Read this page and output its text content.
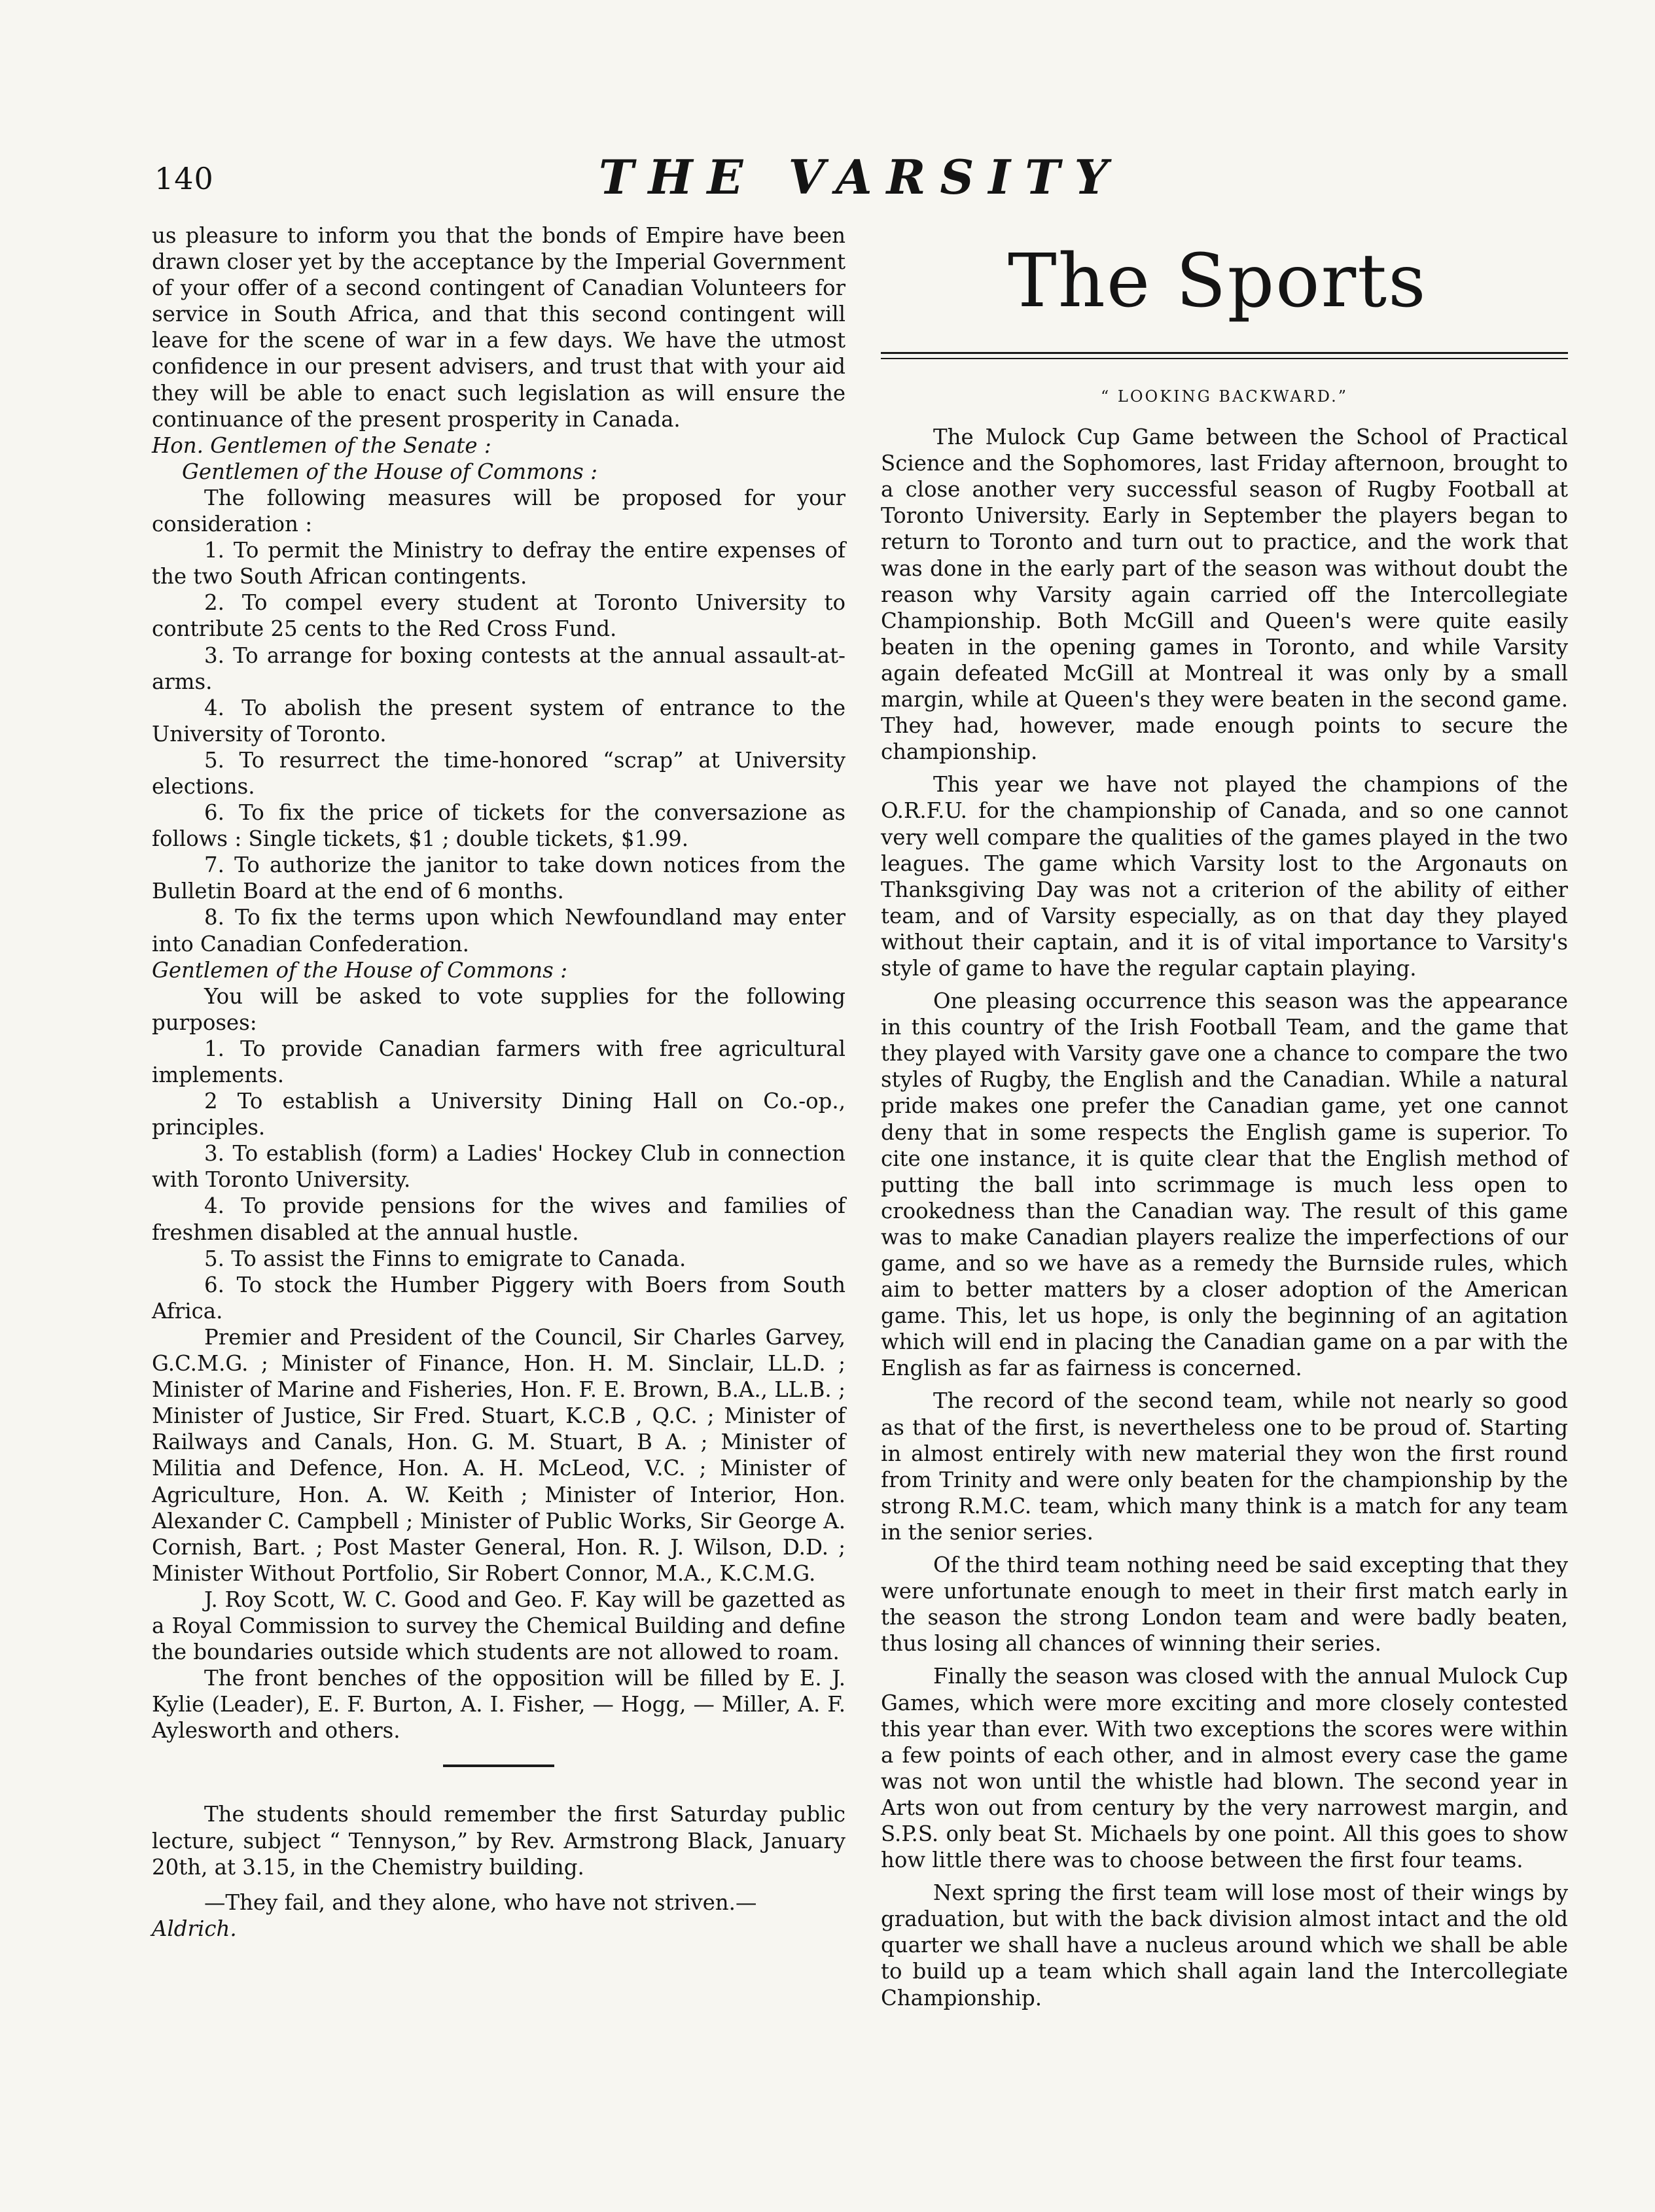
140	THE VARSITY

us pleasure to inform you that the bonds of Empire have been drawn closer yet by the acceptance by the Imperial Government of your offer of a second contingent of Canadian Volunteers for service in South Africa, and that this second contingent will leave for the scene of war in a few days. We have the utmost confidence in our present advisers, and trust that with your aid they will be able to enact such legislation as will ensure the continuance of the present prosperity in Canada.

Hon. Gentlemen of the Senate :

Gentlemen of the House of Commons :

The following measures will be proposed for your consideration :

1. To permit the Ministry to defray the entire expenses of the two South African contingents.

2. To compel every student at Toronto University to contribute 25 cents to the Red Cross Fund.

3. To arrange for boxing contests at the annual assault-at-arms.

4. To abolish the present system of entrance to the University of Toronto.

5. To resurrect the time-honored “scrap” at University elections.

6. To fix the price of tickets for the conversazione as follows : Single tickets, $1 ; double tickets, $1.99.

7. To authorize the janitor to take down notices from the Bulletin Board at the end of 6 months.

8. To fix the terms upon which Newfoundland may enter into Canadian Confederation.

Gentlemen of the House of Commons :

You will be asked to vote supplies for the following purposes:

1. To provide Canadian farmers with free agricultural implements.

2 To establish a University Dining Hall on Co.-op., principles.

3. To establish (form) a Ladies' Hockey Club in connection with Toronto University.

4. To provide pensions for the wives and families of freshmen disabled at the annual hustle.

5. To assist the Finns to emigrate to Canada.

6. To stock the Humber Piggery with Boers from South Africa.

Premier and President of the Council, Sir Charles Garvey, G.C.M.G. ; Minister of Finance, Hon. H. M. Sinclair, LL.D. ; Minister of Marine and Fisheries, Hon. F. E. Brown, B.A., LL.B. ; Minister of Justice, Sir Fred. Stuart, K.C.B , Q.C. ; Minister of Railways and Canals, Hon. G. M. Stuart, B A. ; Minister of Militia and Defence, Hon. A. H. McLeod, V.C. ; Minister of Agriculture, Hon. A. W. Keith ; Minister of Interior, Hon. Alexander C. Campbell ; Minister of Public Works, Sir George A. Cornish, Bart. ; Post Master General, Hon. R. J. Wilson, D.D. ; Minister Without Portfolio, Sir Robert Connor, M.A., K.C.M.G.

J. Roy Scott, W. C. Good and Geo. F. Kay will be gazetted as a Royal Commission to survey the Chemical Building and define the boundaries outside which students are not allowed to roam.

The front benches of the opposition will be filled by E. J. Kylie (Leader), E. F. Burton, A. I. Fisher, — Hogg, — Miller, A. F. Aylesworth and others.

The students should remember the first Saturday public lecture, subject “ Tennyson,” by Rev. Armstrong Black, January 20th, at 3.15, in the Chemistry building.

—They fail, and they alone, who have not striven.—

Aldrich.

The Sports

“ LOOKING BACKWARD.”

The Mulock Cup Game between the School of Practical Science and the Sophomores, last Friday afternoon, brought to a close another very successful season of Rugby Football at Toronto University. Early in September the players began to return to Toronto and turn out to practice, and the work that was done in the early part of the season was without doubt the reason why Varsity again carried off the Intercollegiate Championship. Both McGill and Queen's were quite easily beaten in the opening games in Toronto, and while Varsity again defeated McGill at Montreal it was only by a small margin, while at Queen's they were beaten in the second game. They had, however, made enough points to secure the championship.

This year we have not played the champions of the O.R.F.U. for the championship of Canada, and so one cannot very well compare the qualities of the games played in the two leagues. The game which Varsity lost to the Argonauts on Thanksgiving Day was not a criterion of the ability of either team, and of Varsity especially, as on that day they played without their captain, and it is of vital importance to Varsity's style of game to have the regular captain playing.

One pleasing occurrence this season was the appearance in this country of the Irish Football Team, and the game that they played with Varsity gave one a chance to compare the two styles of Rugby, the English and the Canadian. While a natural pride makes one prefer the Canadian game, yet one cannot deny that in some respects the English game is superior. To cite one instance, it is quite clear that the English method of putting the ball into scrimmage is much less open to crookedness than the Canadian way. The result of this game was to make Canadian players realize the imperfections of our game, and so we have as a remedy the Burnside rules, which aim to better matters by a closer adoption of the American game. This, let us hope, is only the beginning of an agitation which will end in placing the Canadian game on a par with the English as far as fairness is concerned.

The record of the second team, while not nearly so good as that of the first, is nevertheless one to be proud of. Starting in almost entirely with new material they won the first round from Trinity and were only beaten for the championship by the strong R.M.C. team, which many think is a match for any team in the senior series.

Of the third team nothing need be said excepting that they were unfortunate enough to meet in their first match early in the season the strong London team and were badly beaten, thus losing all chances of winning their series.

Finally the season was closed with the annual Mulock Cup Games, which were more exciting and more closely contested this year than ever. With two exceptions the scores were within a few points of each other, and in almost every case the game was not won until the whistle had blown. The second year in Arts won out from century by the very narrowest margin, and S.P.S. only beat St. Michaels by one point. All this goes to show how little there was to choose between the first four teams.

Next spring the first team will lose most of their wings by graduation, but with the back division almost intact and the old quarter we shall have a nucleus around which we shall be able to build up a team which shall again land the Intercollegiate Championship.
